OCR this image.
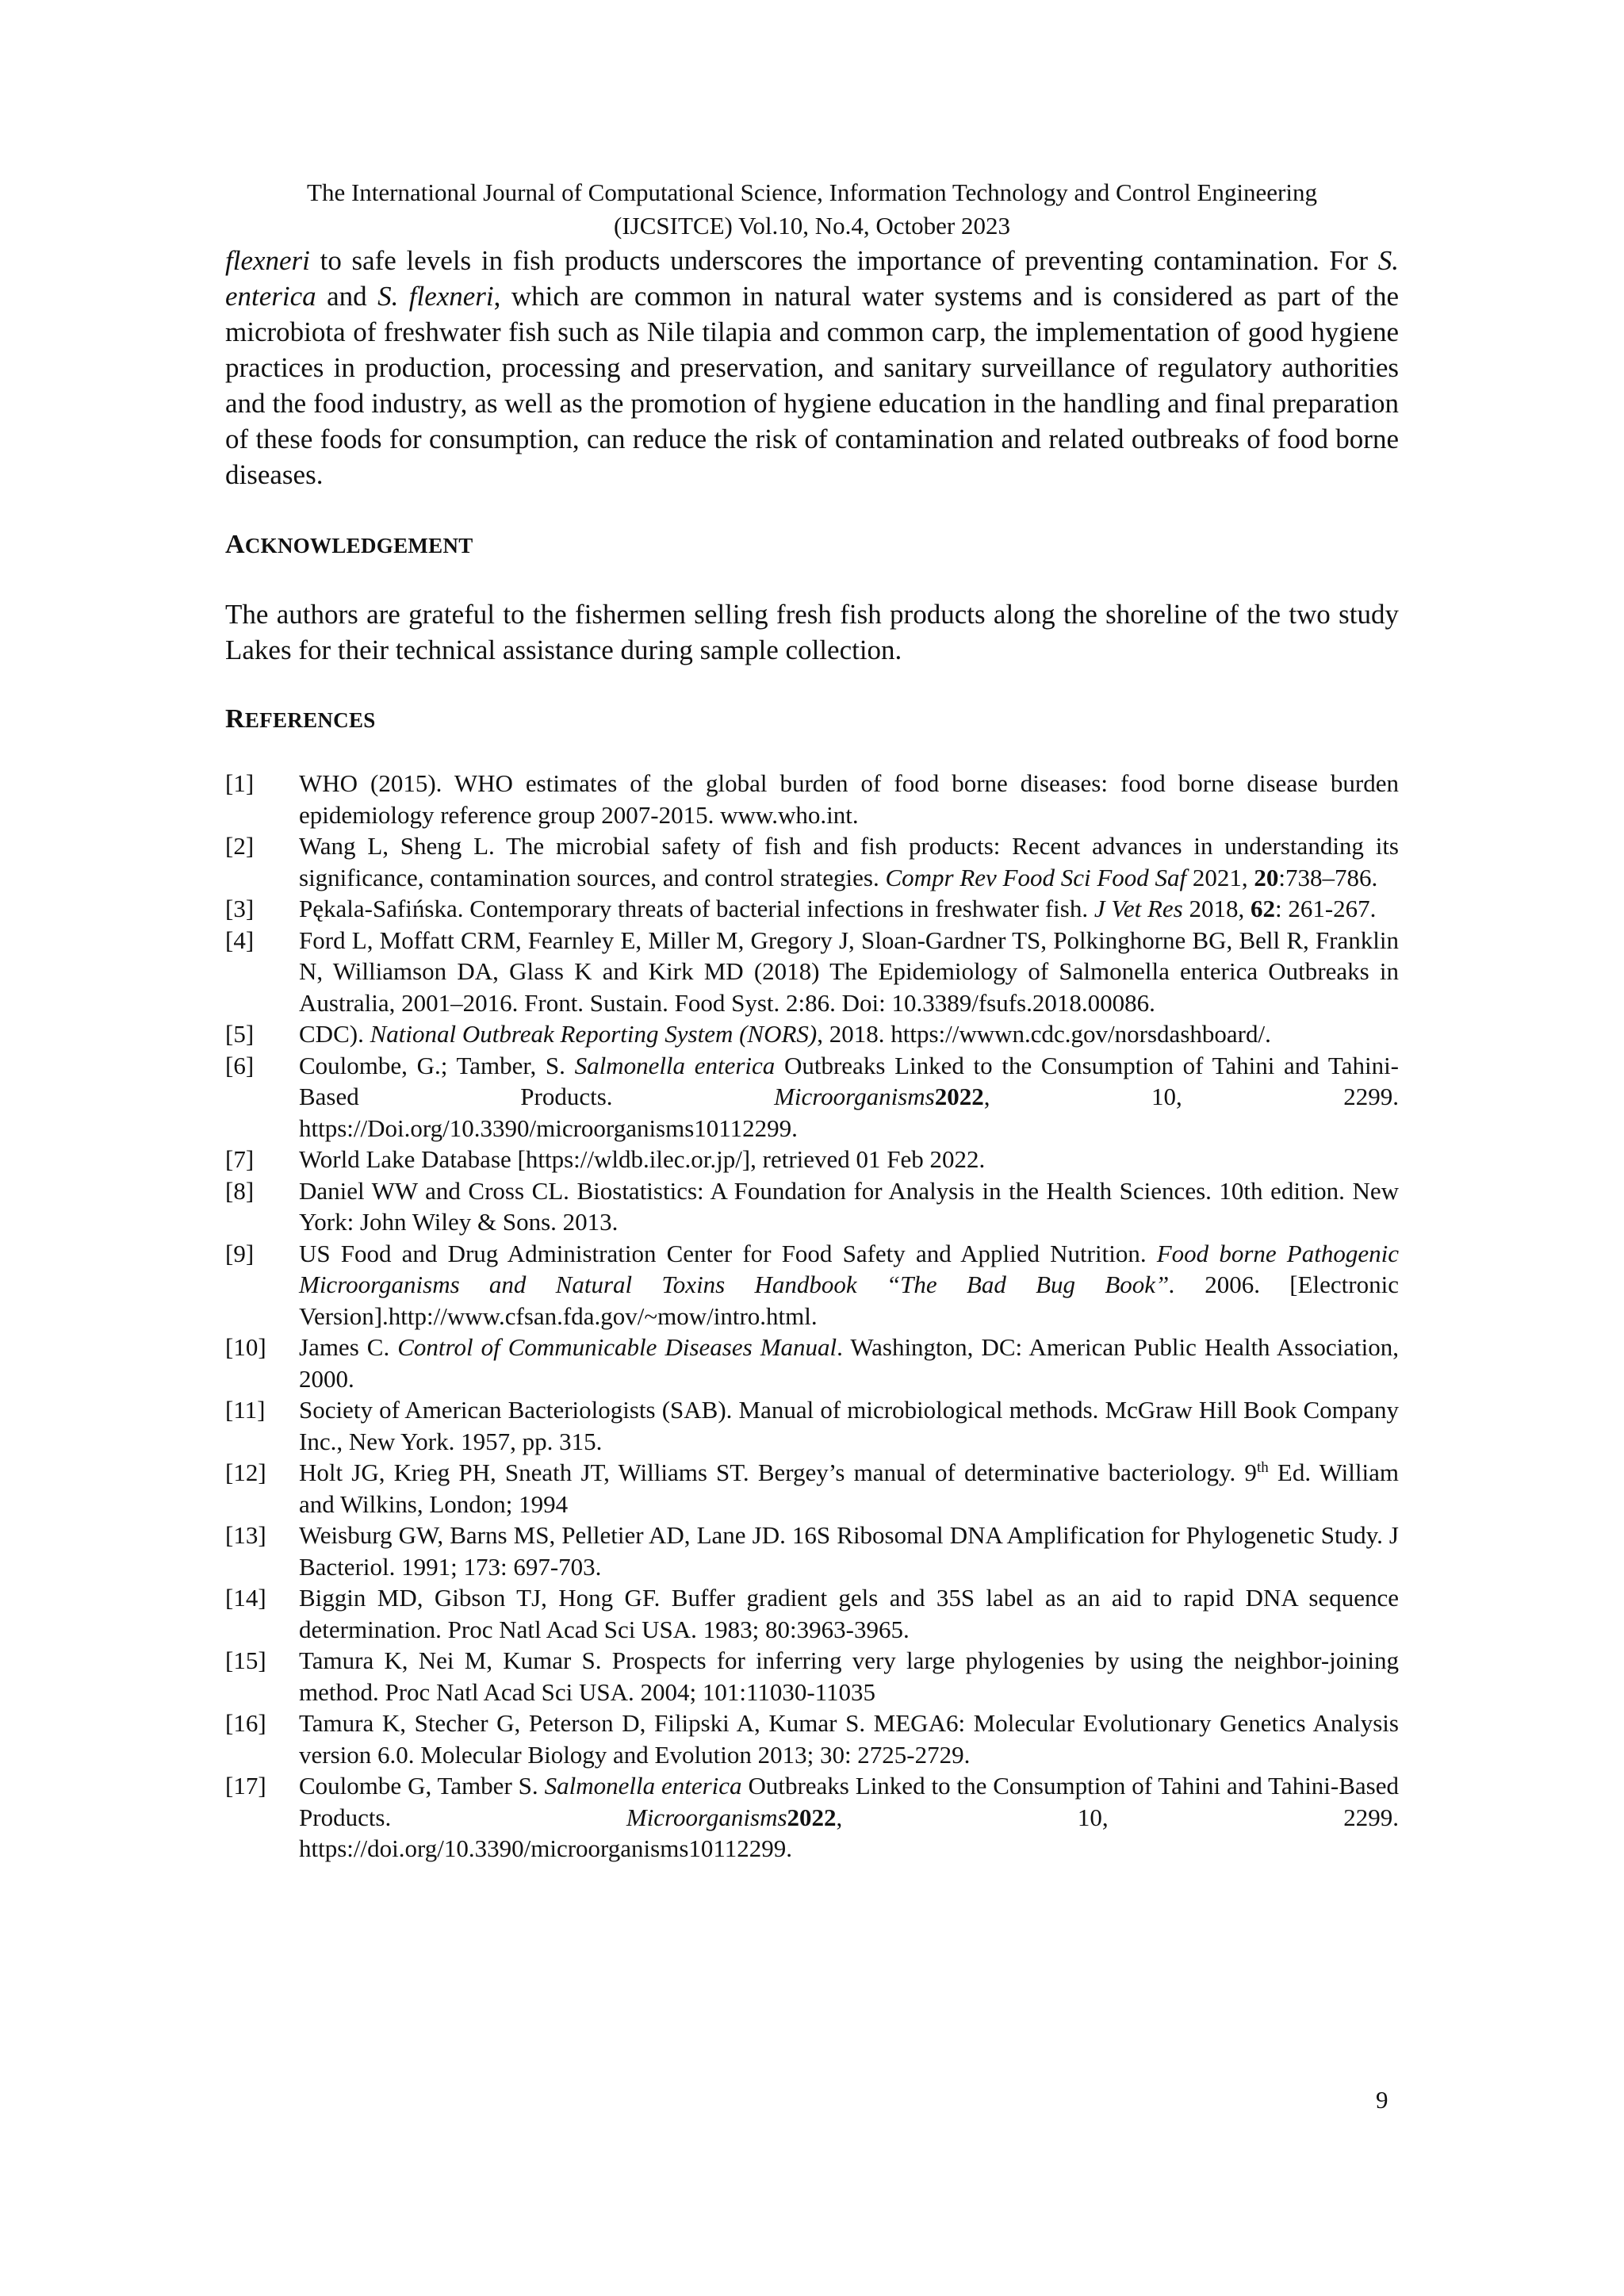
The International Journal of Computational Science, Information Technology and Control Engineering
(IJCSITCE) Vol.10, No.4, October 2023

flexneri to safe levels in fish products underscores the importance of preventing contamination. For S. enterica and S. flexneri, which are common in natural water systems and is considered as part of the microbiota of freshwater fish such as Nile tilapia and common carp, the implementation of good hygiene practices in production, processing and preservation, and sanitary surveillance of regulatory authorities and the food industry, as well as the promotion of hygiene education in the handling and final preparation of these foods for consumption, can reduce the risk of contamination and related outbreaks of food borne diseases.

ACKNOWLEDGEMENT

The authors are grateful to the fishermen selling fresh fish products along the shoreline of the two study Lakes for their technical assistance during sample collection.

REFERENCES

[1] WHO (2015). WHO estimates of the global burden of food borne diseases: food borne disease burden epidemiology reference group 2007-2015. www.who.int.

[2] Wang L, Sheng L. The microbial safety of fish and fish products: Recent advances in understanding its significance, contamination sources, and control strategies. Compr Rev Food Sci Food Saf 2021, 20:738–786.

[3] Pękala-Safińska. Contemporary threats of bacterial infections in freshwater fish. J Vet Res 2018, 62: 261-267.

[4] Ford L, Moffatt CRM, Fearnley E, Miller M, Gregory J, Sloan-Gardner TS, Polkinghorne BG, Bell R, Franklin N, Williamson DA, Glass K and Kirk MD (2018) The Epidemiology of Salmonella enterica Outbreaks in Australia, 2001–2016. Front. Sustain. Food Syst. 2:86. Doi: 10.3389/fsufs.2018.00086.

[5] CDC). National Outbreak Reporting System (NORS), 2018. https://wwwn.cdc.gov/norsdashboard/.

[6] Coulombe, G.; Tamber, S. Salmonella enterica Outbreaks Linked to the Consumption of Tahini and Tahini-Based Products. Microorganisms2022, 10, 2299.

https://Doi.org/10.3390/microorganisms10112299.

[7] World Lake Database [https://wldb.ilec.or.jp/], retrieved 01 Feb 2022.

[8] Daniel WW and Cross CL. Biostatistics: A Foundation for Analysis in the Health Sciences. 10th edition. New York: John Wiley & Sons. 2013.

[9] US Food and Drug Administration Center for Food Safety and Applied Nutrition. Food borne Pathogenic Microorganisms and Natural Toxins Handbook “The Bad Bug Book”. 2006. [Electronic Version].http://www.cfsan.fda.gov/~mow/intro.html.

[10] James C. Control of Communicable Diseases Manual. Washington, DC: American Public Health Association, 2000.

[11] Society of American Bacteriologists (SAB). Manual of microbiological methods. McGraw Hill Book Company Inc., New York. 1957, pp. 315.

[12] Holt JG, Krieg PH, Sneath JT, Williams ST. Bergey’s manual of determinative bacteriology. 9th Ed. William and Wilkins, London; 1994

[13] Weisburg GW, Barns MS, Pelletier AD, Lane JD. 16S Ribosomal DNA Amplification for Phylogenetic Study. J Bacteriol. 1991; 173: 697-703.

[14] Biggin MD, Gibson TJ, Hong GF. Buffer gradient gels and 35S label as an aid to rapid DNA sequence determination. Proc Natl Acad Sci USA. 1983; 80:3963-3965.

[15] Tamura K, Nei M, Kumar S. Prospects for inferring very large phylogenies by using the neighbor-joining method. Proc Natl Acad Sci USA. 2004; 101:11030-11035

[16] Tamura K, Stecher G, Peterson D, Filipski A, Kumar S. MEGA6: Molecular Evolutionary Genetics Analysis version 6.0. Molecular Biology and Evolution 2013; 30: 2725-2729.

[17] Coulombe G, Tamber S. Salmonella enterica Outbreaks Linked to the Consumption of Tahini and Tahini-Based Products. Microorganisms2022, 10, 2299.

https://doi.org/10.3390/microorganisms10112299.

9
